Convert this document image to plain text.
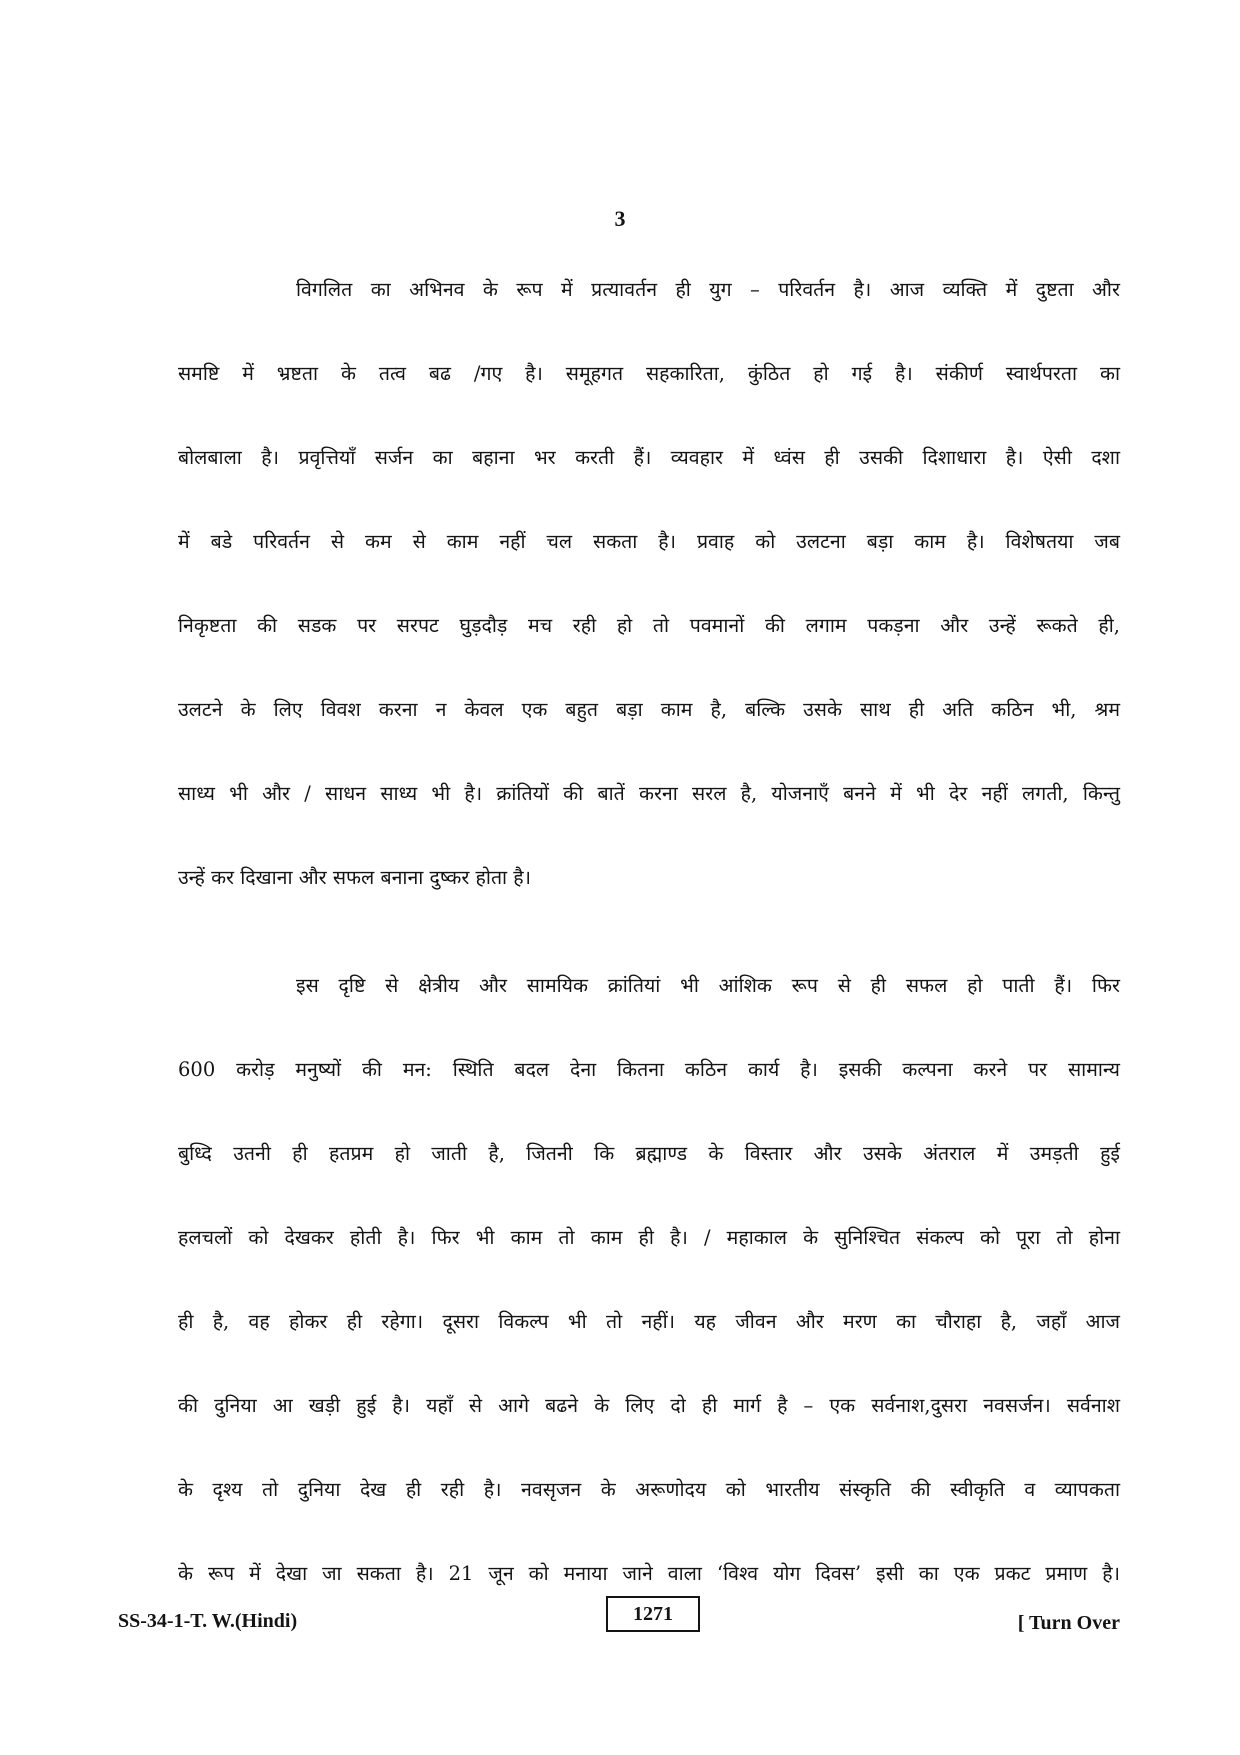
3
विगलित का अभिनव के रूप में प्रत्यावर्तन ही युग – परिवर्तन है। आज व्यक्ति में दुष्टता और
समष्टि में भ्रष्टता के तत्व बढ /गए है। समूहगत सहकारिता, कुंठित हो गई है। संकीर्ण स्वार्थपरता का
बोलबाला है। प्रवृत्तियाँ सर्जन का बहाना भर करती हैं। व्यवहार में ध्वंस ही उसकी दिशाधारा है। ऐसी दशा
में बडे परिवर्तन से कम से काम नहीं चल सकता है। प्रवाह को उलटना बड़ा काम है। विशेषतया जब
निकृष्टता की सडक पर सरपट घुड़दौड़ मच रही हो तो पवमानों की लगाम पकड़ना और उन्हें रूकते ही,
उलटने के लिए विवश करना न केवल एक बहुत बड़ा काम है, बल्कि उसके साथ ही अति कठिन भी, श्रम
साध्य भी और / साधन साध्य भी है। क्रांतियों की बातें करना सरल है, योजनाएँ बनने में भी देर नहीं लगती, किन्तु
उन्हें कर दिखाना और सफल बनाना दुष्कर होता है।
इस दृष्टि से क्षेत्रीय और सामयिक क्रांतियां भी आंशिक रूप से ही सफल हो पाती हैं। फिर
600 करोड़ मनुष्यों की मन: स्थिति बदल देना कितना कठिन कार्य है। इसकी कल्पना करने पर सामान्य
बुध्दि उतनी ही हतप्रम हो जाती है, जितनी कि ब्रह्माण्ड के विस्तार और उसके अंतराल में उमड़ती हुई
हलचलों को देखकर होती है। फिर भी काम तो काम ही है। / महाकाल के सुनिश्चित संकल्प को पूरा तो होना
ही है, वह होकर ही रहेगा। दूसरा विकल्प भी तो नहीं। यह जीवन और मरण का चौराहा है, जहाँ आज
की दुनिया आ खड़ी हुई है। यहाँ से आगे बढने के लिए दो ही मार्ग है – एक सर्वनाश,दुसरा नवसर्जन। सर्वनाश
के दृश्य तो दुनिया देख ही रही है। नवसृजन के अरूणोदय को भारतीय संस्कृति की स्वीकृति व व्यापकता
के रूप में देखा जा सकता है। 21 जून को मनाया जाने वाला ‘विश्व योग दिवस’ इसी का एक प्रकट प्रमाण है।
SS-34-1-T. W.(Hindi)	1271	[ Turn Over
